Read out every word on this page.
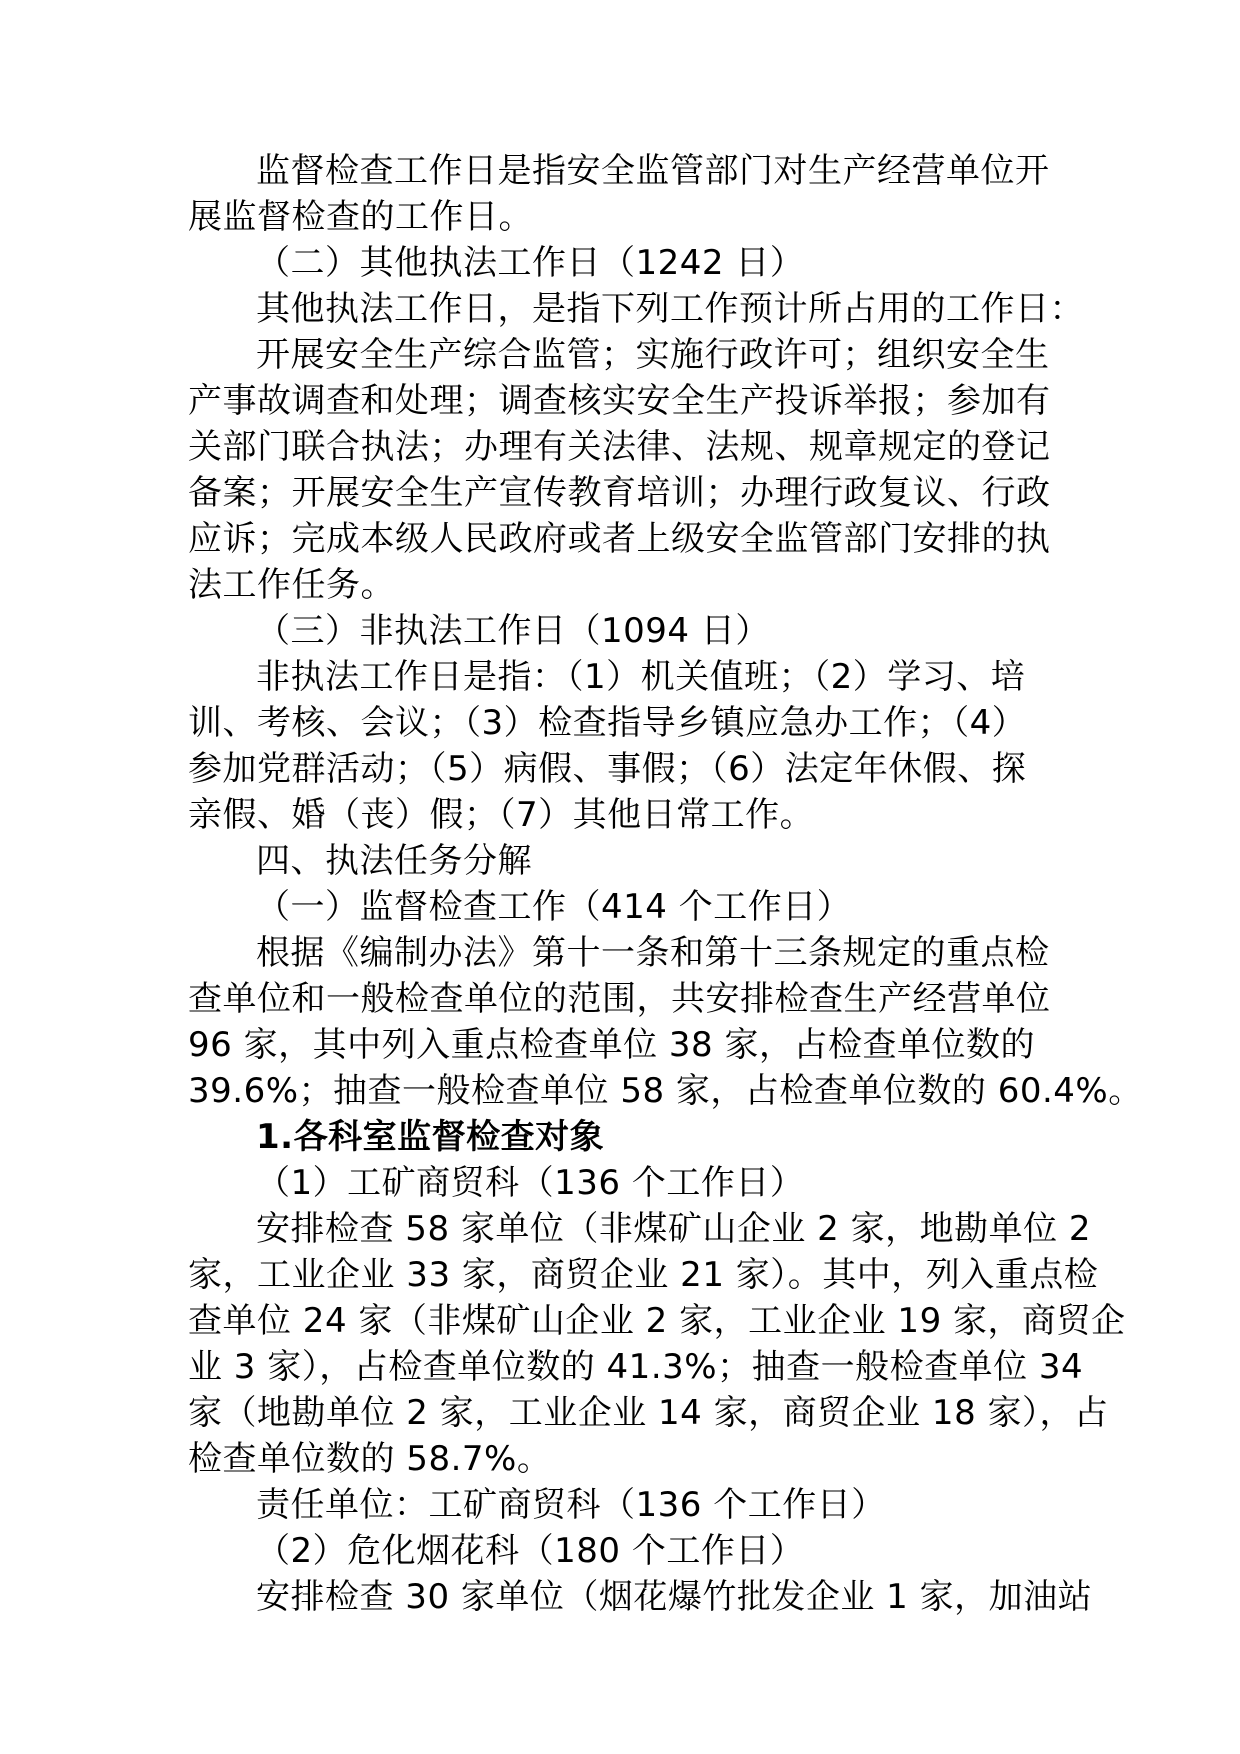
监督检查工作日是指安全监管部门对生产经营单位开
展监督检查的工作日。
（二）其他执法工作日（1242 日）
其他执法工作日，是指下列工作预计所占用的工作日：
开展安全生产综合监管；实施行政许可；组织安全生
产事故调查和处理；调查核实安全生产投诉举报；参加有
关部门联合执法；办理有关法律、法规、规章规定的登记
备案；开展安全生产宣传教育培训；办理行政复议、行政
应诉；完成本级人民政府或者上级安全监管部门安排的执
法工作任务。
（三）非执法工作日（1094 日）
非执法工作日是指：（1）机关值班；（2）学习、培
训、考核、会议；（3）检查指导乡镇应急办工作；（4）
参加党群活动；（5）病假、事假；（6）法定年休假、探
亲假、婚（丧）假；（7）其他日常工作。
四、执法任务分解
（一）监督检查工作（414 个工作日）
根据《编制办法》第十一条和第十三条规定的重点检
查单位和一般检查单位的范围，共安排检查生产经营单位
96 家，其中列入重点检查单位 38 家，占检查单位数的
39.6%；抽查一般检查单位 58 家，占检查单位数的 60.4%。
1.各科室监督检查对象
（1）工矿商贸科（136 个工作日）
安排检查 58 家单位（非煤矿山企业 2 家，地勘单位 2
家，工业企业 33 家，商贸企业 21 家）。其中，列入重点检
查单位 24 家（非煤矿山企业 2 家，工业企业 19 家，商贸企
业 3 家），占检查单位数的 41.3%；抽查一般检查单位 34
家（地勘单位 2 家，工业企业 14 家，商贸企业 18 家），占
检查单位数的 58.7%。
责任单位：工矿商贸科（136 个工作日）
（2）危化烟花科（180 个工作日）
安排检查 30 家单位（烟花爆竹批发企业 1 家，加油站
